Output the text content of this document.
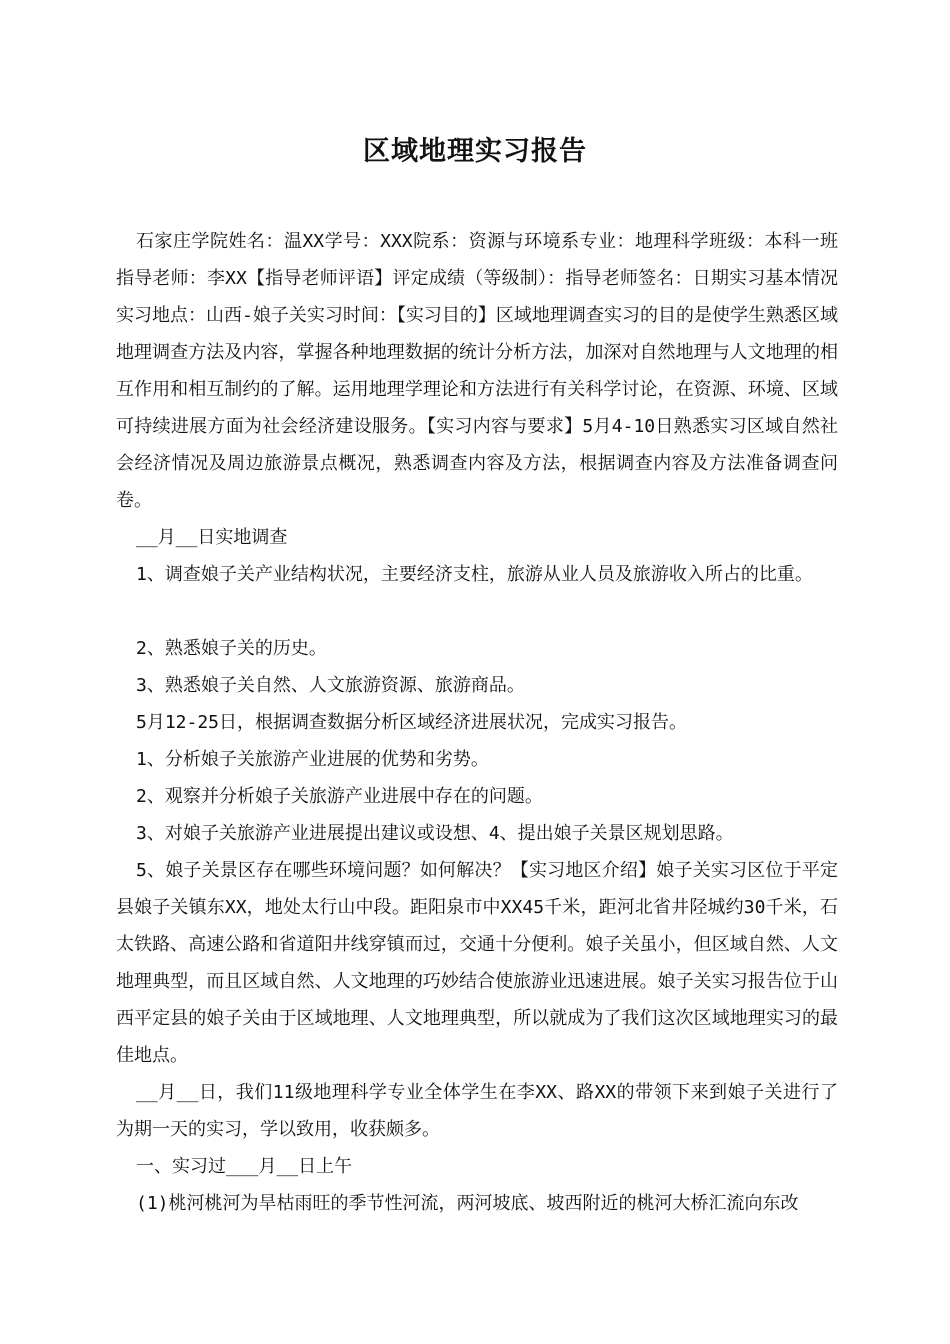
区域地理实习报告

石家庄学院姓名：温XX学号：XXX院系：资源与环境系专业：地理科学班级：本科一班指导老师：李XX【指导老师评语】评定成绩（等级制）：指导老师签名：日期实习基本情况实习地点：山西-娘子关实习时间：【实习目的】区域地理调查实习的目的是使学生熟悉区域地理调查方法及内容，掌握各种地理数据的统计分析方法，加深对自然地理与人文地理的相互作用和相互制约的了解。运用地理学理论和方法进行有关科学讨论，在资源、环境、区域可持续进展方面为社会经济建设服务。【实习内容与要求】5月4-10日熟悉实习区域自然社会经济情况及周边旅游景点概况，熟悉调查内容及方法，根据调查内容及方法准备调查问卷。

__月__日实地调查

1、调查娘子关产业结构状况，主要经济支柱，旅游从业人员及旅游收入所占的比重。

2、熟悉娘子关的历史。

3、熟悉娘子关自然、人文旅游资源、旅游商品。

5月12-25日，根据调查数据分析区域经济进展状况，完成实习报告。

1、分析娘子关旅游产业进展的优势和劣势。

2、观察并分析娘子关旅游产业进展中存在的问题。

3、对娘子关旅游产业进展提出建议或设想、4、提出娘子关景区规划思路。

5、娘子关景区存在哪些环境问题？如何解决？【实习地区介绍】娘子关实习区位于平定县娘子关镇东XX，地处太行山中段。距阳泉市中XX45千米，距河北省井陉城约30千米，石太铁路、高速公路和省道阳井线穿镇而过，交通十分便利。娘子关虽小，但区域自然、人文地理典型，而且区域自然、人文地理的巧妙结合使旅游业迅速进展。娘子关实习报告位于山西平定县的娘子关由于区域地理、人文地理典型，所以就成为了我们这次区域地理实习的最佳地点。

__月__日，我们11级地理科学专业全体学生在李XX、路XX的带领下来到娘子关进行了为期一天的实习，学以致用，收获颇多。

一、实习过___月__日上午

(1)桃河桃河为旱枯雨旺的季节性河流，两河坡底、坡西附近的桃河大桥汇流向东改
